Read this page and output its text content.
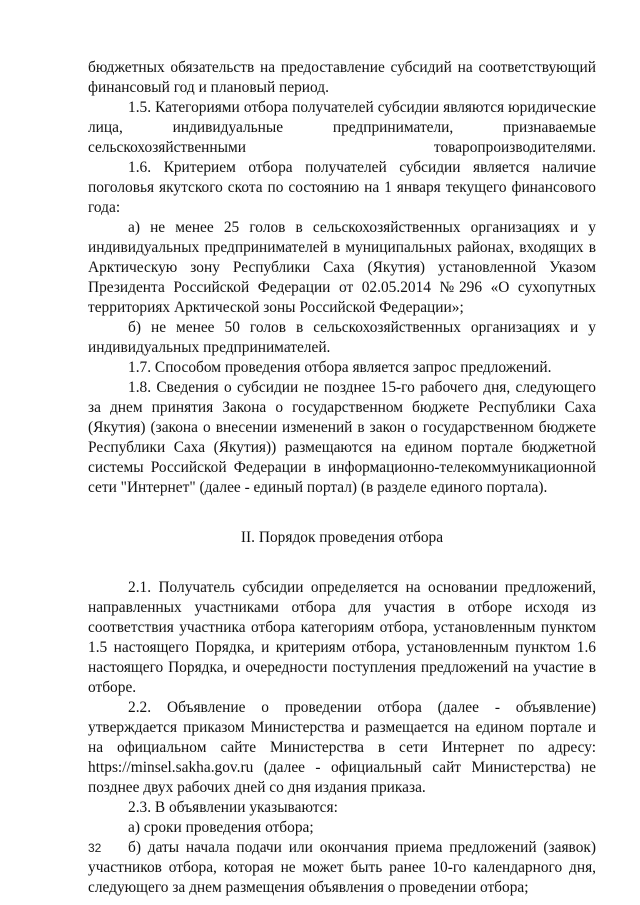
бюджетных обязательств на предоставление субсидий на соответствующий финансовый год и плановый период.

1.5. Категориями отбора получателей субсидии являются юридические лица, индивидуальные предприниматели, признаваемые сельскохозяйственными товаропроизводителями.

1.6. Критерием отбора получателей субсидии является наличие поголовья якутского скота по состоянию на 1 января текущего финансового года:

а) не менее 25 голов в сельскохозяйственных организациях и у индивидуальных предпринимателей в муниципальных районах, входящих в Арктическую зону Республики Саха (Якутия) установленной Указом Президента Российской Федерации от 02.05.2014 №296 «О сухопутных территориях Арктической зоны Российской Федерации»;

б) не менее 50 голов в сельскохозяйственных организациях и у индивидуальных предпринимателей.

1.7. Способом проведения отбора является запрос предложений.

1.8. Сведения о субсидии не позднее 15-го рабочего дня, следующего за днем принятия Закона о государственном бюджете Республики Саха (Якутия) (закона о внесении изменений в закон о государственном бюджете Республики Саха (Якутия)) размещаются на едином портале бюджетной системы Российской Федерации в информационно-телекоммуникационной сети "Интернет" (далее - единый портал) (в разделе единого портала).

II. Порядок проведения отбора

2.1. Получатель субсидии определяется на основании предложений, направленных участниками отбора для участия в отборе исходя из соответствия участника отбора категориям отбора, установленным пунктом 1.5 настоящего Порядка, и критериям отбора, установленным пунктом 1.6 настоящего Порядка, и очередности поступления предложений на участие в отборе.

2.2. Объявление о проведении отбора (далее - объявление) утверждается приказом Министерства и размещается на едином портале и на официальном сайте Министерства в сети Интернет по адресу: https://minsel.sakha.gov.ru (далее - официальный сайт Министерства) не позднее двух рабочих дней со дня издания приказа.

2.3. В объявлении указываются:

а) сроки проведения отбора;

б) даты начала подачи или окончания приема предложений (заявок) участников отбора, которая не может быть ранее 10-го календарного дня, следующего за днем размещения объявления о проведении отбора;

32
